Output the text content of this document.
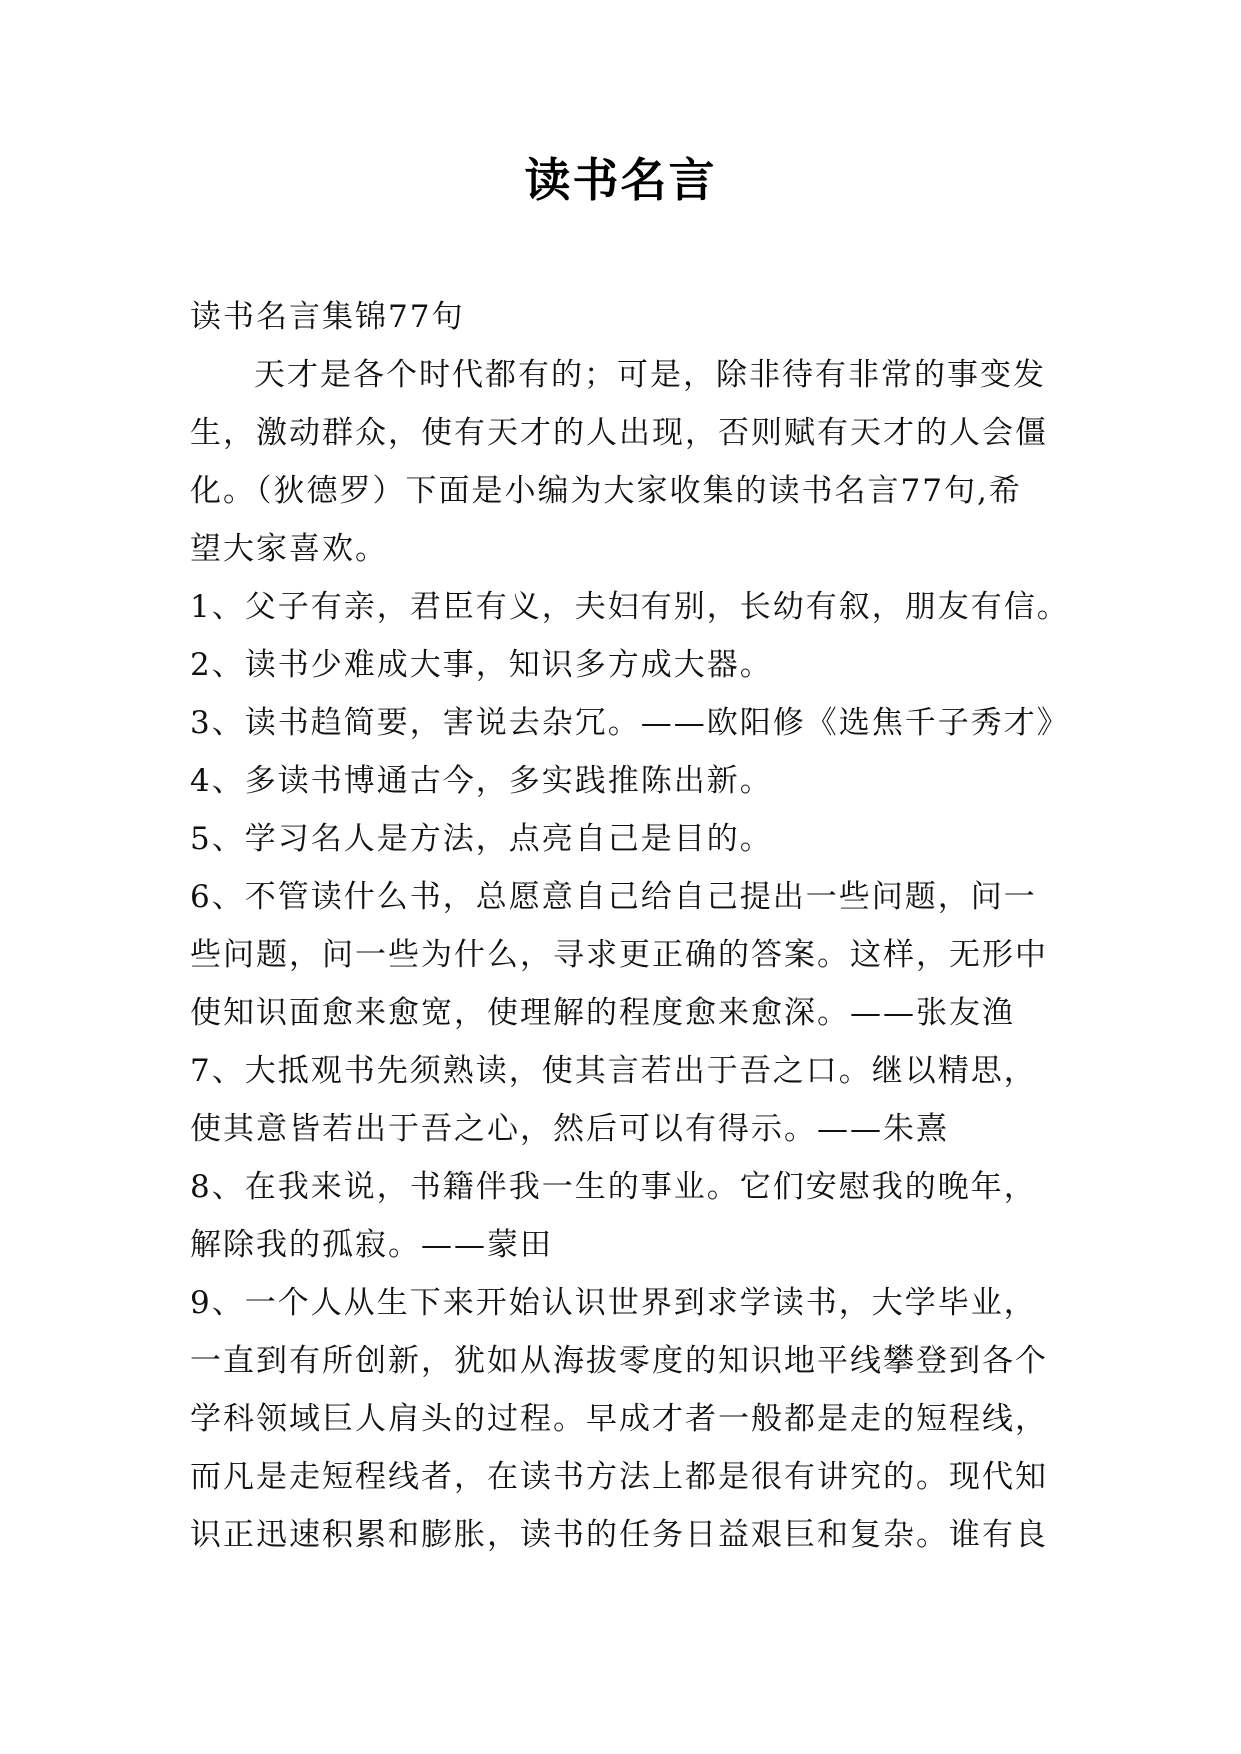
读书名言
读书名言集锦77句
天才是各个时代都有的；可是，除非待有非常的事变发
生，激动群众，使有天才的人出现，否则赋有天才的人会僵
化。（狄德罗）下面是小编为大家收集的读书名言77句,希
望大家喜欢。
1、父子有亲，君臣有义，夫妇有别，长幼有叙，朋友有信。
2、读书少难成大事，知识多方成大器。
3、读书趋简要，害说去杂冗。——欧阳修《选焦千子秀才》
4、多读书博通古今，多实践推陈出新。
5、学习名人是方法，点亮自己是目的。
6、不管读什么书，总愿意自己给自己提出一些问题，问一
些问题，问一些为什么，寻求更正确的答案。这样，无形中
使知识面愈来愈宽，使理解的程度愈来愈深。——张友渔
7、大抵观书先须熟读，使其言若出于吾之口。继以精思，
使其意皆若出于吾之心，然后可以有得示。——朱熹
8、在我来说，书籍伴我一生的事业。它们安慰我的晚年，
解除我的孤寂。——蒙田
9、一个人从生下来开始认识世界到求学读书，大学毕业，
一直到有所创新，犹如从海拔零度的知识地平线攀登到各个
学科领域巨人肩头的过程。早成才者一般都是走的短程线，
而凡是走短程线者，在读书方法上都是很有讲究的。现代知
识正迅速积累和膨胀，读书的任务日益艰巨和复杂。谁有良
